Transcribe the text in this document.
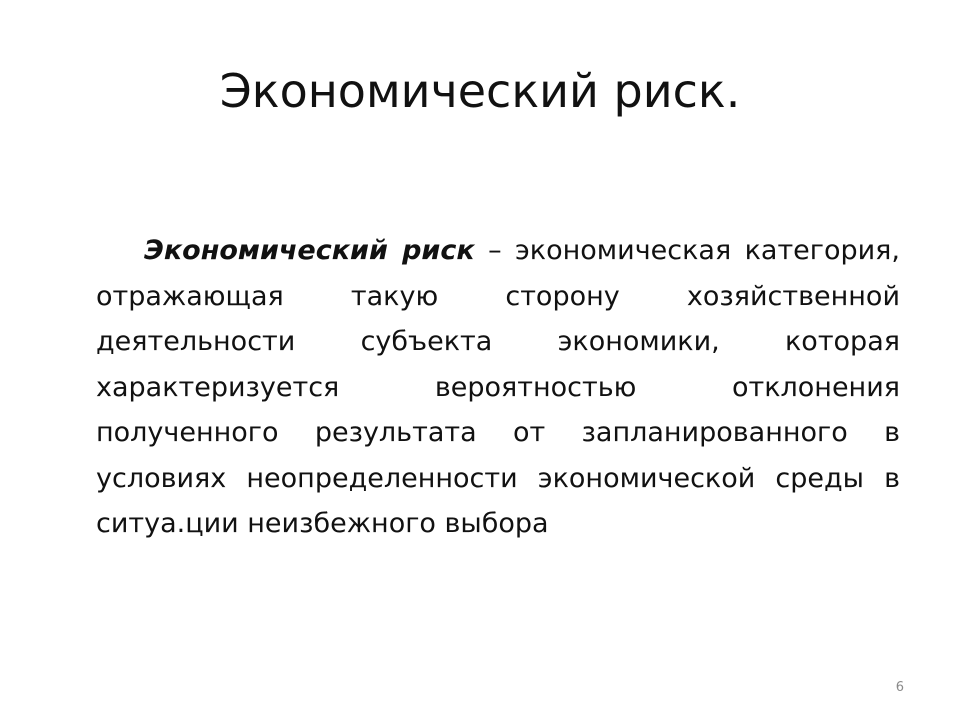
Экономический риск.

Экономический риск – экономическая категория, отражающая такую сторону хозяйственной деятельности субъекта экономики, которая характеризуется вероятностью отклонения полученного результата от запланированного в условиях неопределенности экономической среды в ситуа.ции неизбежного выбора

6
